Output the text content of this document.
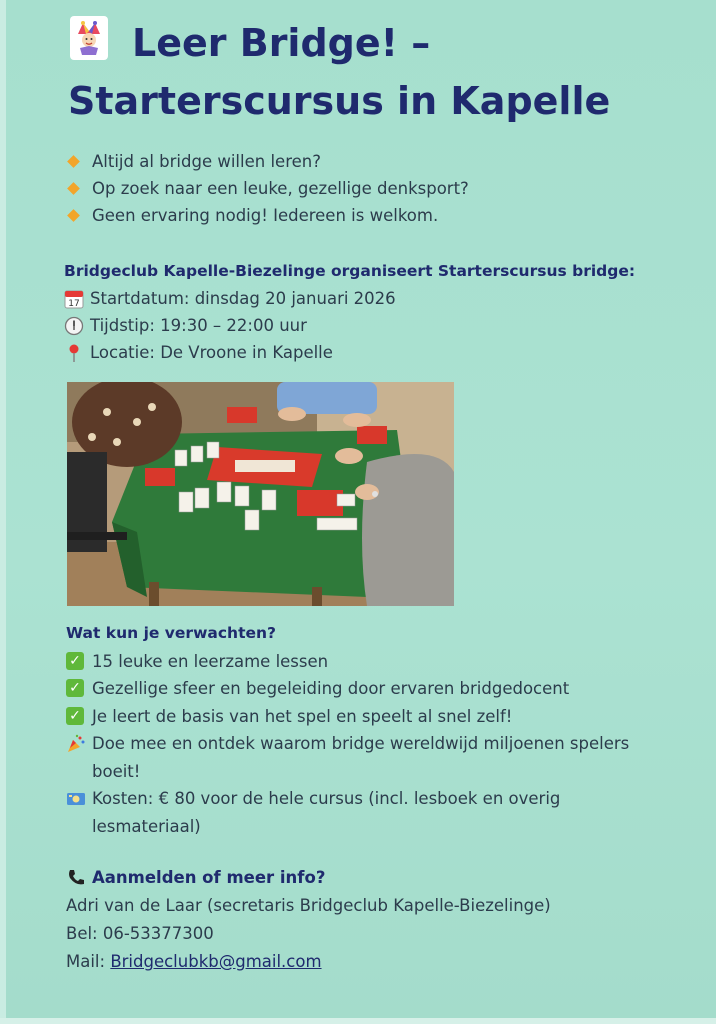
Leer Bridge! –
Starterscursus in Kapelle
Altijd al bridge willen leren?
Op zoek naar een leuke, gezellige denksport?
Geen ervaring nodig! Iedereen is welkom.
Bridgeclub Kapelle-Biezelinge organiseert Starterscursus bridge:
17 Startdatum: dinsdag 20 januari 2026
Tijdstip: 19:30 – 22:00 uur
Locatie: De Vroone in Kapelle
Wat kun je verwachten?
✓ 15 leuke en leerzame lessen
✓ Gezellige sfeer en begeleiding door ervaren bridgedocent
✓ Je leert de basis van het spel en speelt al snel zelf!
Doe mee en ontdek waarom bridge wereldwijd miljoenen spelers boeit!
Kosten: € 80 voor de hele cursus (incl. lesboek en overig lesmateriaal)
Aanmelden of meer info?
Adri van de Laar (secretaris Bridgeclub Kapelle-Biezelinge)
Bel: 06-53377300
Mail: Bridgeclubkb@gmail.com
